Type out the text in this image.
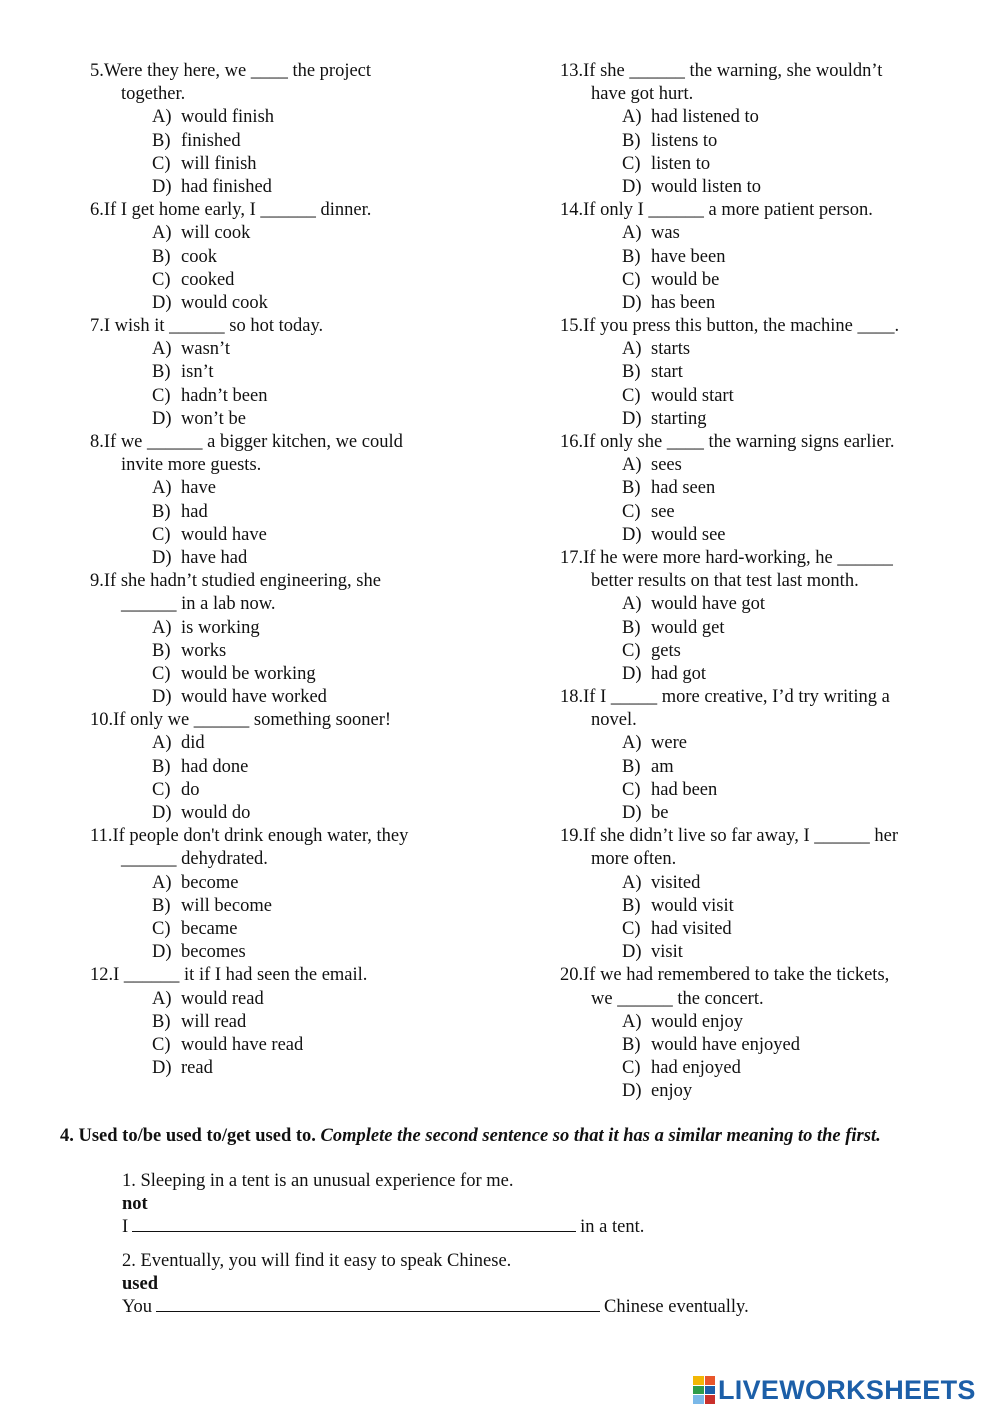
5.Were they here, we ____ the project
together.
A) would finish
B) finished
C) will finish
D) had finished
6.If I get home early, I ______ dinner.
A) will cook
B) cook
C) cooked
D) would cook
7.I wish it ______ so hot today.
A) wasn’t
B) isn’t
C) hadn’t been
D) won’t be
8.If we ______ a bigger kitchen, we could
invite more guests.
A) have
B) had
C) would have
D) have had
9.If she hadn’t studied engineering, she
______ in a lab now.
A) is working
B) works
C) would be working
D) would have worked
10.If only we ______ something sooner!
A) did
B) had done
C) do
D) would do
11.If people don't drink enough water, they
______ dehydrated.
A) become
B) will become
C) became
D) becomes
12.I ______ it if I had seen the email.
A) would read
B) will read
C) would have read
D) read
13.If she ______ the warning, she wouldn’t
have got hurt.
A) had listened to
B) listens to
C) listen to
D) would listen to
14.If only I ______ a more patient person.
A) was
B) have been
C) would be
D) has been
15.If you press this button, the machine ____.
A) starts
B) start
C) would start
D) starting
16.If only she ____ the warning signs earlier.
A) sees
B) had seen
C) see
D) would see
17.If he were more hard-working, he ______
better results on that test last month.
A) would have got
B) would get
C) gets
D) had got
18.If I _____ more creative, I’d try writing a
novel.
A) were
B) am
C) had been
D) be
19.If she didn’t live so far away, I ______ her
more often.
A) visited
B) would visit
C) had visited
D) visit
20.If we had remembered to take the tickets,
we ______ the concert.
A) would enjoy
B) would have enjoyed
C) had enjoyed
D) enjoy
4. Used to/be used to/get used to. Complete the second sentence so that it has a similar meaning to the first.
1. Sleeping in a tent is an unusual experience for me.
not
I	in a tent.
2. Eventually, you will find it easy to speak Chinese.
used
You	Chinese eventually.
LIVEWORKSHEETS
